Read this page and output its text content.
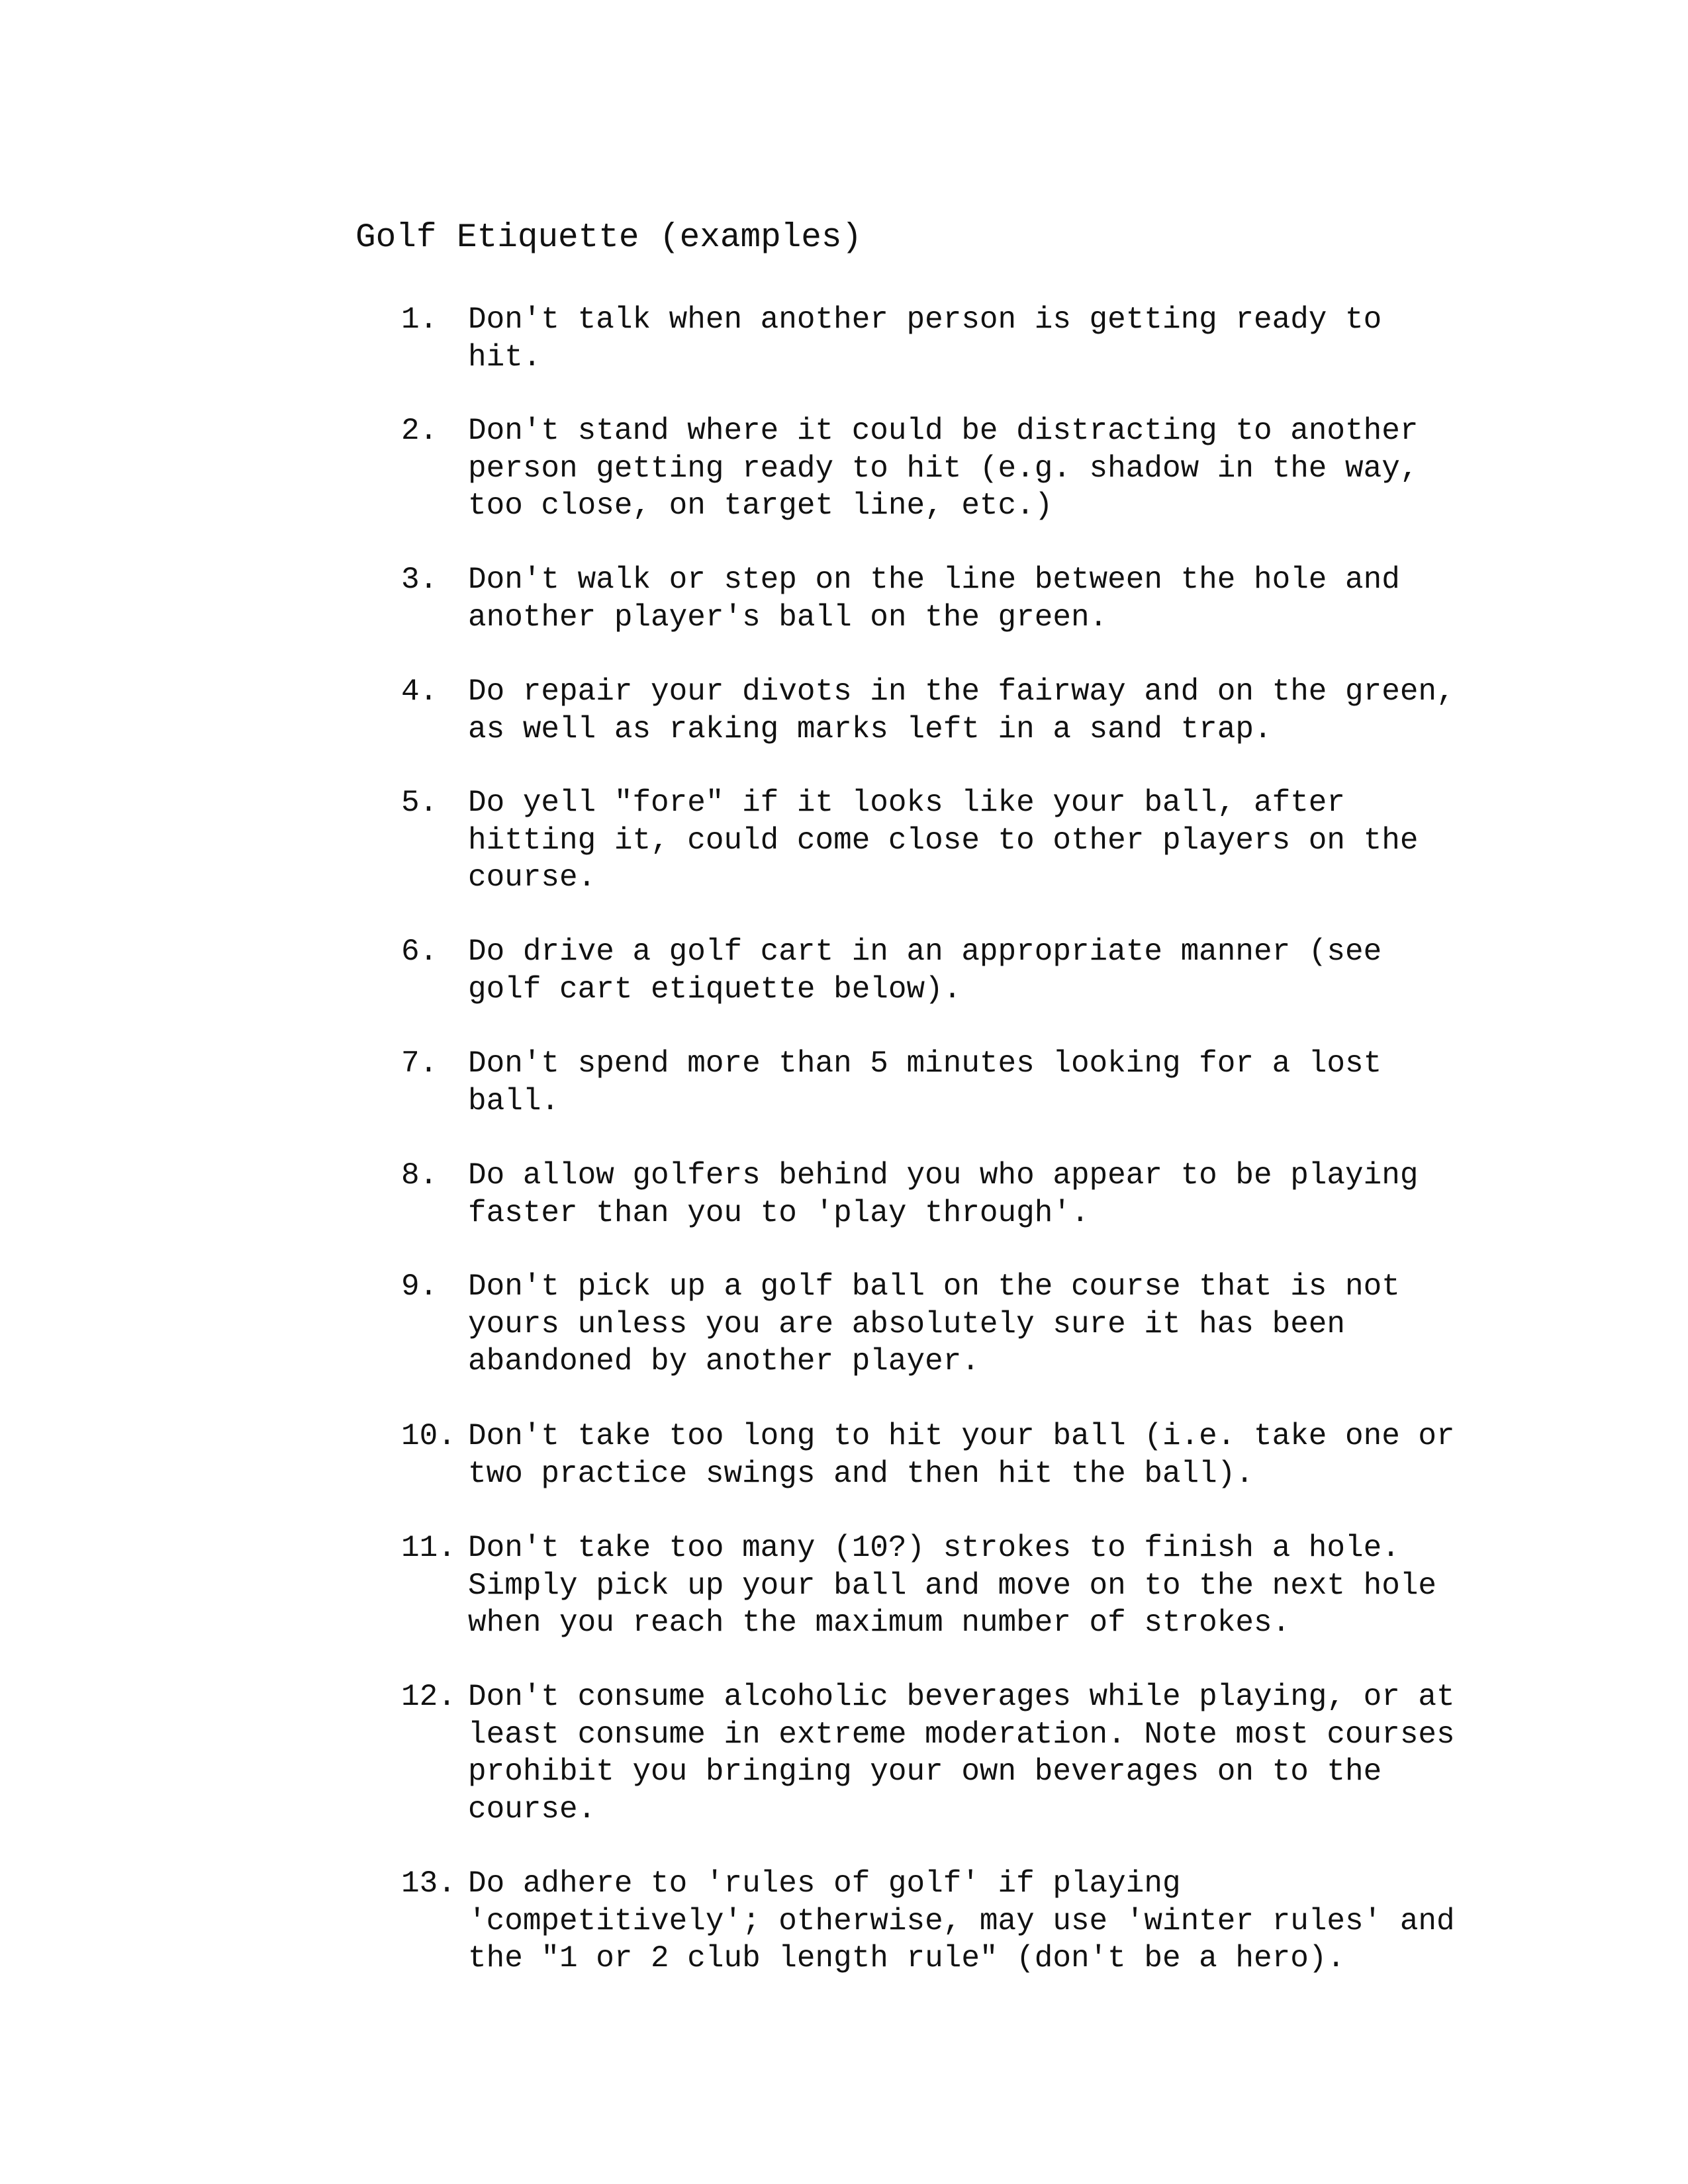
Golf Etiquette (examples)
1. Don't talk when another person is getting ready to
hit.
2. Don't stand where it could be distracting to another
person getting ready to hit (e.g. shadow in the way,
too close, on target line, etc.)
3. Don't walk or step on the line between the hole and
another player's ball on the green.
4. Do repair your divots in the fairway and on the green,
as well as raking marks left in a sand trap.
5. Do yell "fore" if it looks like your ball, after
hitting it, could come close to other players on the
course.
6. Do drive a golf cart in an appropriate manner (see
golf cart etiquette below).
7. Don't spend more than 5 minutes looking for a lost
ball.
8. Do allow golfers behind you who appear to be playing
faster than you to 'play through'.
9. Don't pick up a golf ball on the course that is not
yours unless you are absolutely sure it has been
abandoned by another player.
10. Don't take too long to hit your ball (i.e. take one or
two practice swings and then hit the ball).
11. Don't take too many (10?) strokes to finish a hole.
Simply pick up your ball and move on to the next hole
when you reach the maximum number of strokes.
12. Don't consume alcoholic beverages while playing, or at
least consume in extreme moderation. Note most courses
prohibit you bringing your own beverages on to the
course.
13. Do adhere to 'rules of golf' if playing
'competitively'; otherwise, may use 'winter rules' and
the "1 or 2 club length rule" (don't be a hero).
